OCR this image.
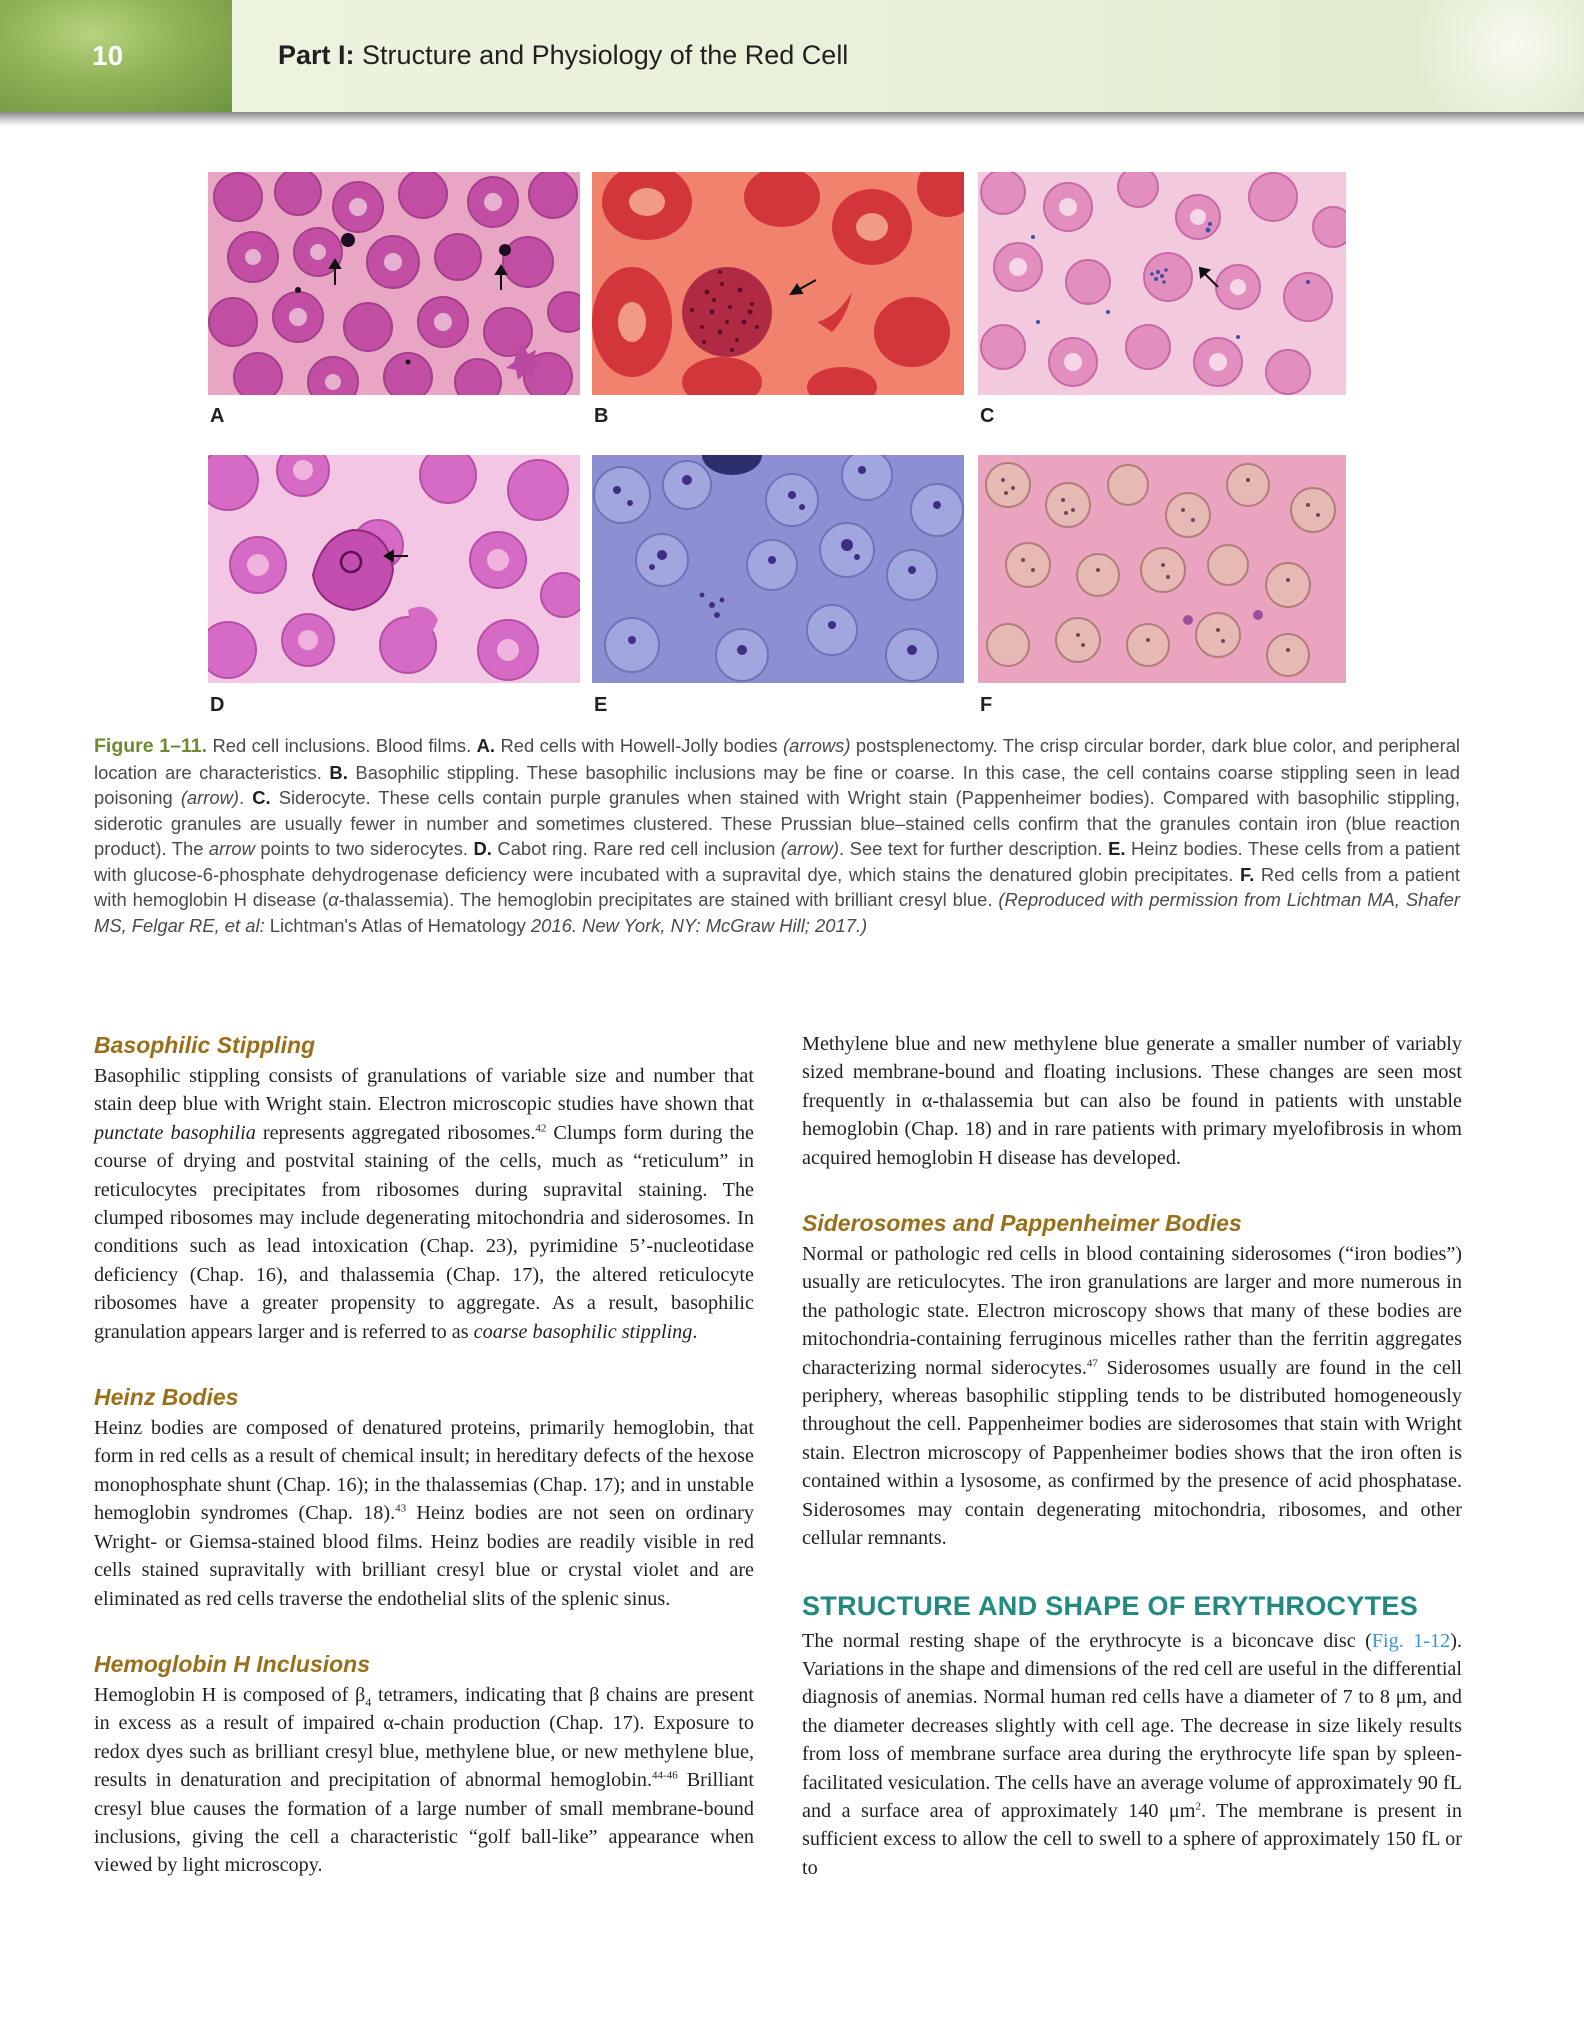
10	Part I: Structure and Physiology of the Red Cell
A	B	C
D	E	F
Figure 1–11. Red cell inclusions. Blood films. A. Red cells with Howell-Jolly bodies (arrows) postsplenectomy. The crisp circular border, dark blue color, and peripheral location are characteristics. B. Basophilic stippling. These basophilic inclusions may be fine or coarse. In this case, the cell contains coarse stippling seen in lead poisoning (arrow). C. Siderocyte. These cells contain purple granules when stained with Wright stain (Pappenheimer bodies). Compared with basophilic stippling, siderotic granules are usually fewer in number and sometimes clustered. These Prussian blue–stained cells confirm that the granules contain iron (blue reaction product). The arrow points to two siderocytes. D. Cabot ring. Rare red cell inclusion (arrow). See text for further description. E. Heinz bodies. These cells from a patient with glucose-6-phosphate dehydrogenase deficiency were incubated with a supravital dye, which stains the denatured globin precipitates. F. Red cells from a patient with hemoglobin H disease (α-thalassemia). The hemoglobin precipitates are stained with brilliant cresyl blue. (Reproduced with permission from Lichtman MA, Shafer MS, Felgar RE, et al: Lichtman's Atlas of Hematology 2016. New York, NY: McGraw Hill; 2017.)
Basophilic Stippling

Basophilic stippling consists of granulations of variable size and number that stain deep blue with Wright stain. Electron microscopic studies have shown that punctate basophilia represents aggregated ribosomes.$^{42}$ Clumps form during the course of drying and postvital staining of the cells, much as “reticulum” in reticulocytes precipitates from ribosomes during supravital staining. The clumped ribosomes may include degenerating mitochondria and siderosomes. In conditions such as lead intoxication (Chap. 23), pyrimidine 5’-nucleotidase deficiency (Chap. 16), and thalassemia (Chap. 17), the altered reticulocyte ribosomes have a greater propensity to aggregate. As a result, basophilic granulation appears larger and is referred to as coarse basophilic stippling.

Heinz Bodies

Heinz bodies are composed of denatured proteins, primarily hemoglobin, that form in red cells as a result of chemical insult; in hereditary defects of the hexose monophosphate shunt (Chap. 16); in the thalassemias (Chap. 17); and in unstable hemoglobin syndromes (Chap. 18).$^{43}$ Heinz bodies are not seen on ordinary Wright- or Giemsa-stained blood films. Heinz bodies are readily visible in red cells stained supravitally with brilliant cresyl blue or crystal violet and are eliminated as red cells traverse the endothelial slits of the splenic sinus.

Hemoglobin H Inclusions

Hemoglobin H is composed of $\beta_4$ tetramers, indicating that β chains are present in excess as a result of impaired α-chain production (Chap. 17). Exposure to redox dyes such as brilliant cresyl blue, methylene blue, or new methylene blue, results in denaturation and precipitation of abnormal hemoglobin.$^{44-46}$ Brilliant cresyl blue causes the formation of a large number of small membrane-bound inclusions, giving the cell a characteristic “golf ball-like” appearance when viewed by light microscopy.

Methylene blue and new methylene blue generate a smaller number of variably sized membrane-bound and floating inclusions. These changes are seen most frequently in α-thalassemia but can also be found in patients with unstable hemoglobin (Chap. 18) and in rare patients with primary myelofibrosis in whom acquired hemoglobin H disease has developed.

Siderosomes and Pappenheimer Bodies

Normal or pathologic red cells in blood containing siderosomes (“iron bodies”) usually are reticulocytes. The iron granulations are larger and more numerous in the pathologic state. Electron microscopy shows that many of these bodies are mitochondria-containing ferruginous micelles rather than the ferritin aggregates characterizing normal siderocytes.$^{47}$ Siderosomes usually are found in the cell periphery, whereas basophilic stippling tends to be distributed homogeneously throughout the cell. Pappenheimer bodies are siderosomes that stain with Wright stain. Electron microscopy of Pappenheimer bodies shows that the iron often is contained within a lysosome, as confirmed by the presence of acid phosphatase. Siderosomes may contain degenerating mitochondria, ribosomes, and other cellular remnants.

STRUCTURE AND SHAPE OF ERYTHROCYTES

The normal resting shape of the erythrocyte is a biconcave disc (Fig. 1-12). Variations in the shape and dimensions of the red cell are useful in the differential diagnosis of anemias. Normal human red cells have a diameter of 7 to 8 μm, and the diameter decreases slightly with cell age. The decrease in size likely results from loss of membrane surface area during the erythrocyte life span by spleen-facilitated vesiculation. The cells have an average volume of approximately 90 fL and a surface area of approximately 140 $\mu m^2$. The membrane is present in sufficient excess to allow the cell to swell to a sphere of approximately 150 fL or to
